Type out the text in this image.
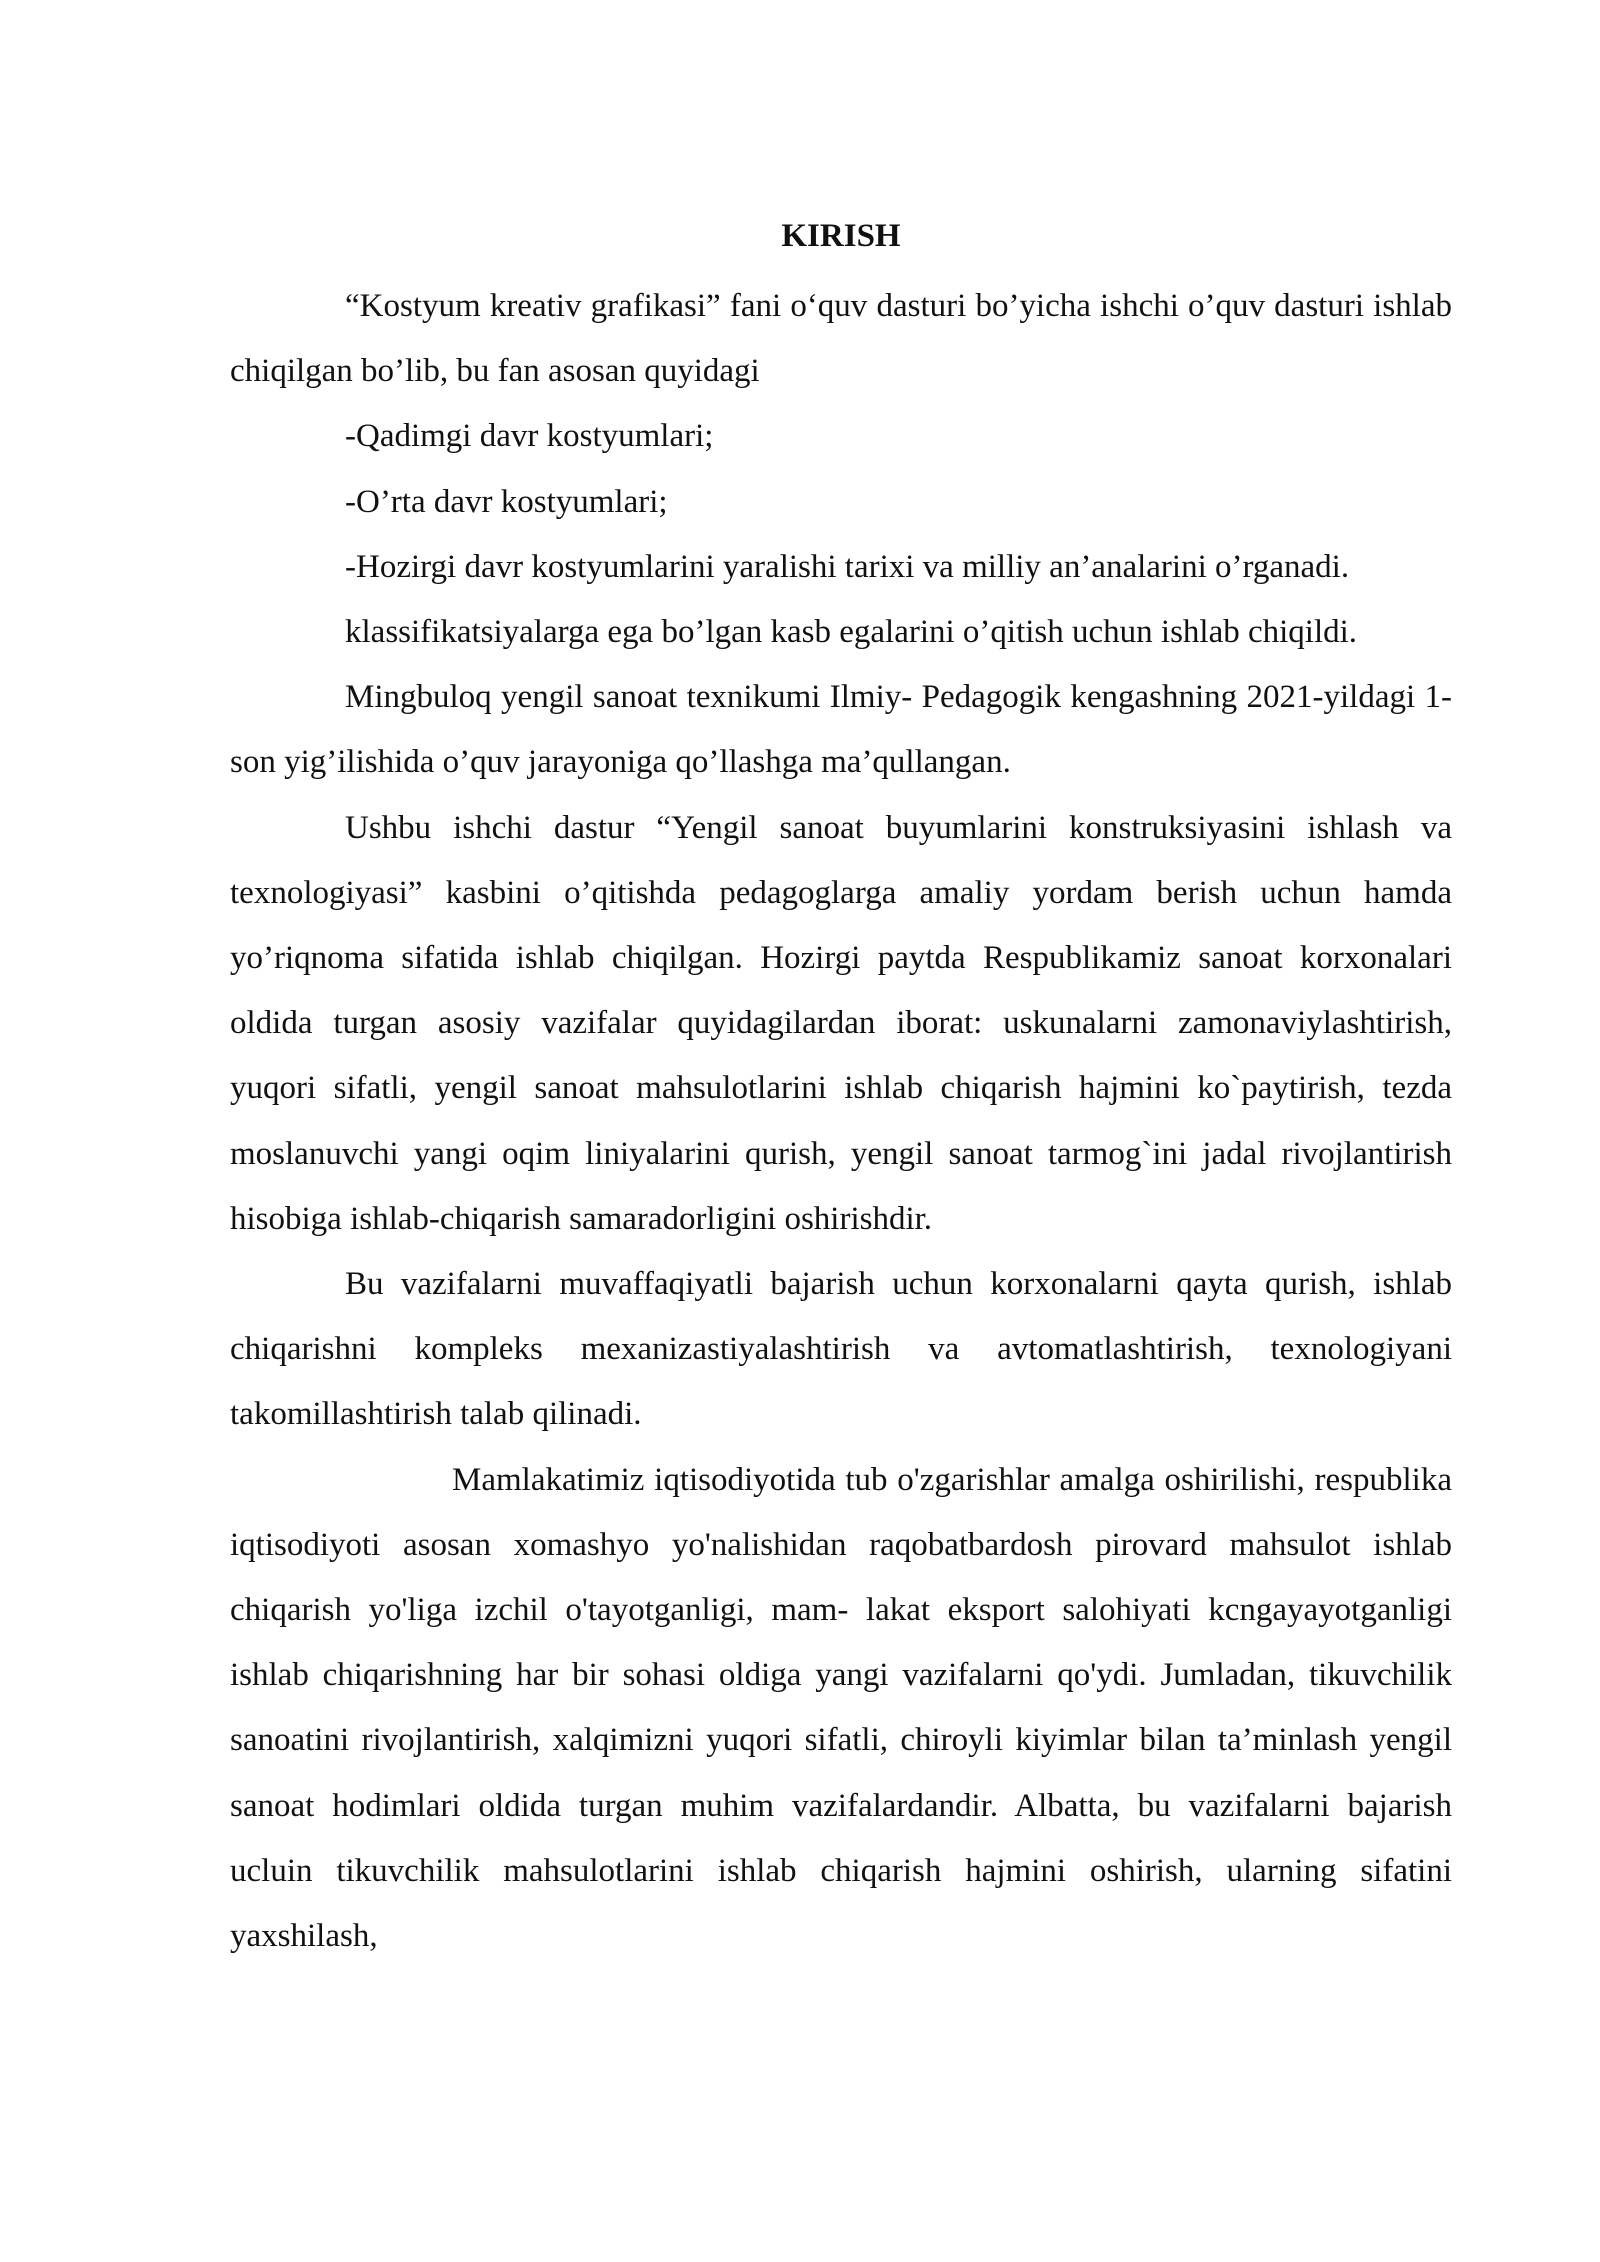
KIRISH

“Kostyum kreativ grafikasi” fani o‘quv dasturi bo’yicha ishchi o’quv dasturi ishlab chiqilgan bo’lib, bu fan asosan quyidagi

-Qadimgi davr kostyumlari;

-O’rta davr kostyumlari;

-Hozirgi davr kostyumlarini yaralishi tarixi va milliy an’analarini o’rganadi.

klassifikatsiyalarga ega bo’lgan kasb egalarini o’qitish uchun ishlab chiqildi.

Mingbuloq yengil sanoat texnikumi Ilmiy- Pedagogik kengashning 2021-yildagi 1-son yig’ilishida o’quv jarayoniga qo’llashga ma’qullangan.

Ushbu ishchi dastur “Yengil sanoat buyumlarini konstruksiyasini ishlash va texnologiyasi” kasbini o’qitishda pedagoglarga amaliy yordam berish uchun hamda yo’riqnoma sifatida ishlab chiqilgan. Hozirgi paytda Respublikamiz sanoat korxonalari oldida turgan asosiy vazifalar quyidagilardan iborat: uskunalarni zamonaviylashtirish, yuqori sifatli, yengil sanoat mahsulotlarini ishlab chiqarish hajmini ko`paytirish, tezda moslanuvchi yangi oqim liniyalarini qurish, yengil sanoat tarmog`ini jadal rivojlantirish hisobiga ishlab-chiqarish samaradorligini oshirishdir.

Bu vazifalarni muvaffaqiyatli bajarish uchun korxonalarni qayta qurish, ishlab chiqarishni kompleks mexanizastiyalashtirish va avtomatlashtirish, texnologiyani takomillashtirish talab qilinadi.

Mamlakatimiz iqtisodiyotida tub o'zgarishlar amalga oshirilishi, respublika iqtisodiyoti asosan xomashyo yo'nalishidan raqobatbardosh pirovard mahsulot ishlab chiqarish yo'liga izchil o'tayotganligi, mam- lakat eksport salohiyati kcngayayotganligi ishlab chiqarishning har bir sohasi oldiga yangi vazifalarni qo'ydi. Jumladan, tikuvchilik sanoatini rivojlantirish, xalqimizni yuqori sifatli, chiroyli kiyimlar bilan ta’minlash yengil sanoat hodimlari oldida turgan muhim vazifalardandir. Albatta, bu vazifalarni bajarish ucluin tikuvchilik mahsulotlarini ishlab chiqarish hajmini oshirish, ularning sifatini yaxshilash,
